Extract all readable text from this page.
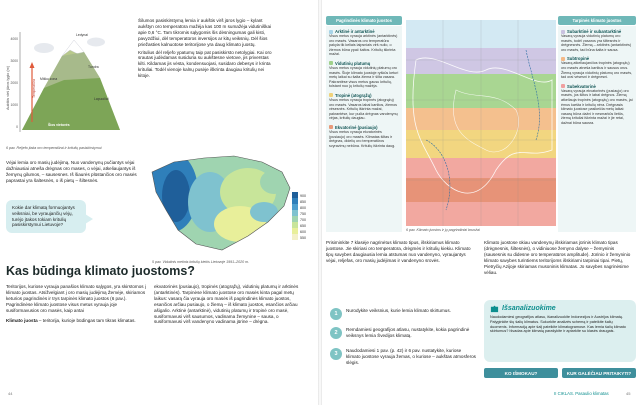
Aukštis virš jūros lygio (m)
4000
3000
2000
1000
0
Temperatūra
Ledynai
Tundra
Mišku zona
Lapuočiai
Šios vietovės
6 pav. Reljefo įtaka oro temperatūrai ir kritulių pasiskirstymui

Šilumos pasiskirstymą lemia ir aukštis virš jūros lygio – kylant aukštyn oro temperatūra mažėja kas 100 m sumažėja vidutiniškai apie 0,6 °C. Tam tikromis sąlygomis šis dėsningumas gali kisti, pavyzdžiui, dėl temperatūros inversijos ar kitų veiksnių. Dėl šios priežasties kalnuotose teritorijose yra daug klimato juostų.

Kritulius dėl reljefo ypatumų taip pat pasiskirsto netolygiai. Kai oro srautas judėdamas susiduria su aukštesne vietove, jis priverstas kilti. Kildamas jis vėsta, kondensuojasi, susidaro debesys ir krinta krituliai. Todėl vienoje kalnų pusėje iškrinta daugiau kritulių nei kitoje.

Vėjai lemia oro masių judėjimą. Nuo vandenynų pučiantys vėjai dažniausiai atneša drėgnas oro mases, o vėjai, atkeliaujantys iš žemynų gilumos, – sausesnes. Iš šiaurės plūstančios oro masės paprastai yra šaltesnės, o iš pietų – šiltesnės.
Kokie dar klimatą formuojantys veiksniai, be vyraujančių vėjų, turėjo įtakos tokiam kritulių pasiskirstymui Lietuvoje?
900
850
800
750
700
650
600
550
5 pav. Vidutinis metinis kritulių kiekis Lietuvoje 1991–2020 m.
Kas būdinga klimato juostoms?

Teritorijos, kuriose vyrauja panašios klimato sąlygos, yra skirstomos į klimato juostas. Atsižvelgiant į oro masių judėjimą Žemėje, skiriamos keturios pagrindinės ir trys tarpinės klimato juostos (6 pav.). Pagrindinėse klimato juostose visus metus vyrauja joje susiformavusios oro masės, kaip antai

Klimato juosta – teritorija, kurioje būdingas tam tikras klimatas.

ekvatorinės (pusiaujo), tropinės (atogrąžų), vidutinių platumų ir arktinės (antarktinės). Tarpinėse klimato juostose oro masės kinta pagal metų laikus: vasarą čia vyrauja oro masės iš pagrindinės klimato juostos, esančios arčiau pusiaujo, o žiemą – iš klimato juostos, esančios arčiau ašigalio. Arktinė (antarktinė), vidutinių platumų ir tropinė oro masė, susiformavusi virš sausumos, vadinama žemynine – sausa, o susiformavusi virš vandenyno vadinama jūrine – drėgna.
44
Pagrindinės klimato juostos	Tarpinės klimato juostos
Arktinė ir antarktinė
Visus metus vyrauja arktinės (antarktinės) oro masės. Vasaros oro temperatūra pakyla tik keliais laipsniais virš nulio, o žiemos būna ypač šaltos. Kritulių iškrinta mažai.
Vidutinių platumų
Visus metus vyrauja vidutinių platumų oro masės. Šioje klimato juostoje ryškūs keturi metų laikai su šalta žiema ir šilta vasara. Pakrantėse visus metus gausu kritulių, tolstant nuo jų kritulių mažėja.
Tropinė (atogrąžų)
Visus metus vyrauja tropinės (atogrąžų) oro masės. Vasaros labai karštos, žiemos vėsesnės. Kritulių iškrinta mažai, pakrantėse, kur pučia drėgnas vandenynų vėjas, kritulių daugiau.
Ekvatorinė (pusiaujo)
Visus metus vyrauja ekvatorinės (pusiaujo) oro masės. Klimatas šiltas ir drėgnas, didelių oro temperatūros svyravimų nebūna. Kritulių iškrinta daug.
6 pav. Klimato juostos ir jų pagrindiniai bruožai
Subarktinė ir subantarktinė
Vasarą vyrauja vidutinių platumų oro masės, todėl vasaros yra šiltesnės ir drėgnesnės. Žiemą – arktinės (antarktinės) oro masės, tad būna šalta ir sausa.
Subtropinė
Vasarą atkeliaujančios tropinės (atogrąžų) oro masės atneša karštus ir sausus orus. Žiemą vyrauja vidutinių platumų oro masės, tad orai vėsesni ir drėgnesni.
Subekvatorinė
Vasarą vyrauja ekvatorinės (pusiaujo) oro masės, jos šiltos ir labai drėgnos. Žiemą atkeliauja tropinės (atogrąžų) oro masės, jai ėmus karšta ir kritulių nėra. Drėgnasis klimato juostose pasikeičia metų laikai: vasarą būna dažni ir nesmarkūs lietūs, žiemą krituliai iškrinta mažai ir jie retai, dažnai būna sausra.
Prisiminkite 7 klasėje nagrinėtus klimato tipus, išskiriamus klimato juostose. Jie skiriasi oro temperatūra, drėgmės ir kritulių kiekiu. Klimato tipų savybes daugiausia lemia atstumas nuo vandenyno, vyraujantys vėjai, reljefas, oro masių judėjimas ir vandenyno srovės.
Klimato juostose ūkiau vandenynų išskiriamas jūrinis klimato tipas (drėgnesnis, šiltesnės), o vidiniuose žemyno dalyse – žemyninis (sausesnis su didesne oro temperatūros amplitude). Jūrinio ir žemyninio klimato savybes turintiems teritorijoms išskiriami tarpiniai tipai. Pietų, Pietryčių Azijoje skiriamas musoninis klimatas. Jo savybes nagrinėsime vėliau.
1
Nurodykite veiksnius, kurie lemia klimato skirtumus.
2
Remdamiesi geografijos atlasu, nustatykite, kokia pagrindinė veiksnys lemia Švedijos klimatą.
3
Naudodamiesi 1 pav. (p. 42) ir 6 pav. nustatykite, kuriose klimato juostose vyrauja žemas, o kuriose – aukštas atmosferos slėgis.
Išsanalizuokime
Naudodamiesi geografijos atlasu, išanalizuokite Indonezijos ir Austrijos klimatą. Palyginkite šių šalių klimatus. Sukurkite analizės schemą ir pateikite šalių duomenis. Informaciją apie šalį pateikite klimatogramose. Kas lemia šalių klimato skirtumus? Išvadas apie klimatą parašykite ir aptarkite su klasės draugais.
KO IŠMOKAU?	KUR GALĖČIAU PRITAIKYTI?
II CIKLAS. Pasaulio klimatas	45
